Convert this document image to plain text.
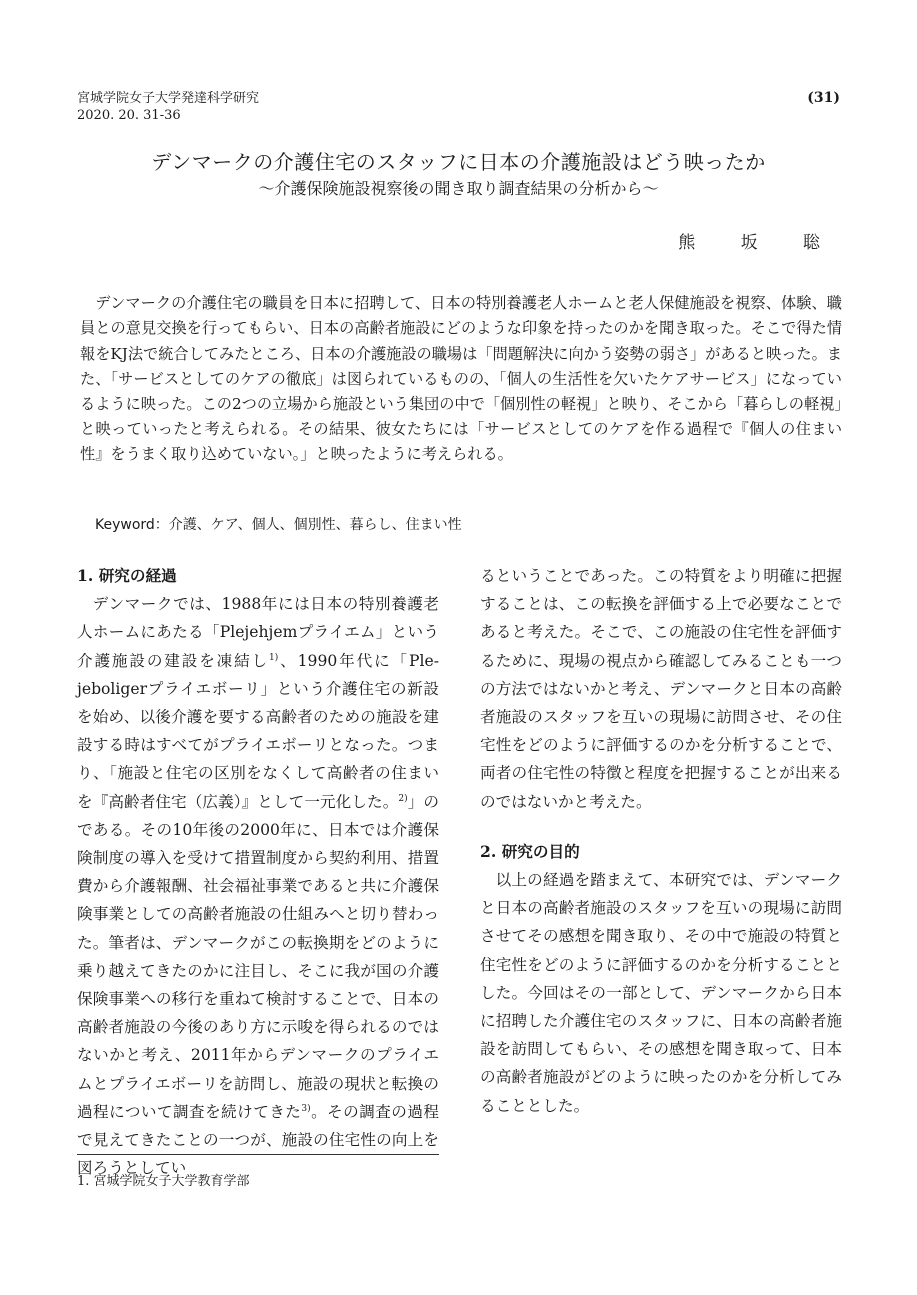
宮城学院女子大学発達科学研究
2020. 20. 31-36
(31)
デンマークの介護住宅のスタッフに日本の介護施設はどう映ったか
〜介護保険施設視察後の聞き取り調査結果の分析から〜
熊 坂 聡

デンマークの介護住宅の職員を日本に招聘して、日本の特別養護老人ホームと老人保健施設を視察、体験、職員との意見交換を行ってもらい、日本の高齢者施設にどのような印象を持ったのかを聞き取った。そこで得た情報をKJ法で統合してみたところ、日本の介護施設の職場は「問題解決に向かう姿勢の弱さ」があると映った。また、「サービスとしてのケアの徹底」は図られているものの、「個人の生活性を欠いたケアサービス」になっているように映った。この2つの立場から施設という集団の中で「個別性の軽視」と映り、そこから「暮らしの軽視」と映っていったと考えられる。その結果、彼女たちには「サービスとしてのケアを作る過程で『個人の住まい性』をうまく取り込めていない。」と映ったように考えられる。

Keyword：介護、ケア、個人、個別性、暮らし、住まい性

1. 研究の経過

デンマークでは、1988年には日本の特別養護老人ホームにあたる「Plejehjemプライエム」という介護施設の建設を凍結し$^{1)}$、1990年代に「Ple-jeboligerプライエボーリ」という介護住宅の新設を始め、以後介護を要する高齢者のための施設を建設する時はすべてがプライエボーリとなった。つまり、「施設と住宅の区別をなくして高齢者の住まいを『高齢者住宅（広義）』として一元化した。$^{2)}$」のである。その10年後の2000年に、日本では介護保険制度の導入を受けて措置制度から契約利用、措置費から介護報酬、社会福祉事業であると共に介護保険事業としての高齢者施設の仕組みへと切り替わった。筆者は、デンマークがこの転換期をどのように乗り越えてきたのかに注目し、そこに我が国の介護保険事業への移行を重ねて検討することで、日本の高齢者施設の今後のあり方に示唆を得られるのではないかと考え、2011年からデンマークのプライエムとプライエボーリを訪問し、施設の現状と転換の過程について調査を続けてきた$^{3)}$。その調査の過程で見えてきたことの一つが、施設の住宅性の向上を図ろうとしてい

るということであった。この特質をより明確に把握することは、この転換を評価する上で必要なことであると考えた。そこで、この施設の住宅性を評価するために、現場の視点から確認してみることも一つの方法ではないかと考え、デンマークと日本の高齢者施設のスタッフを互いの現場に訪問させ、その住宅性をどのように評価するのかを分析することで、両者の住宅性の特徴と程度を把握することが出来るのではないかと考えた。

2. 研究の目的

以上の経過を踏まえて、本研究では、デンマークと日本の高齢者施設のスタッフを互いの現場に訪問させてその感想を聞き取り、その中で施設の特質と住宅性をどのように評価するのかを分析することとした。今回はその一部として、デンマークから日本に招聘した介護住宅のスタッフに、日本の高齢者施設を訪問してもらい、その感想を聞き取って、日本の高齢者施設がどのように映ったのかを分析してみることとした。

1. 宮城学院女子大学教育学部
